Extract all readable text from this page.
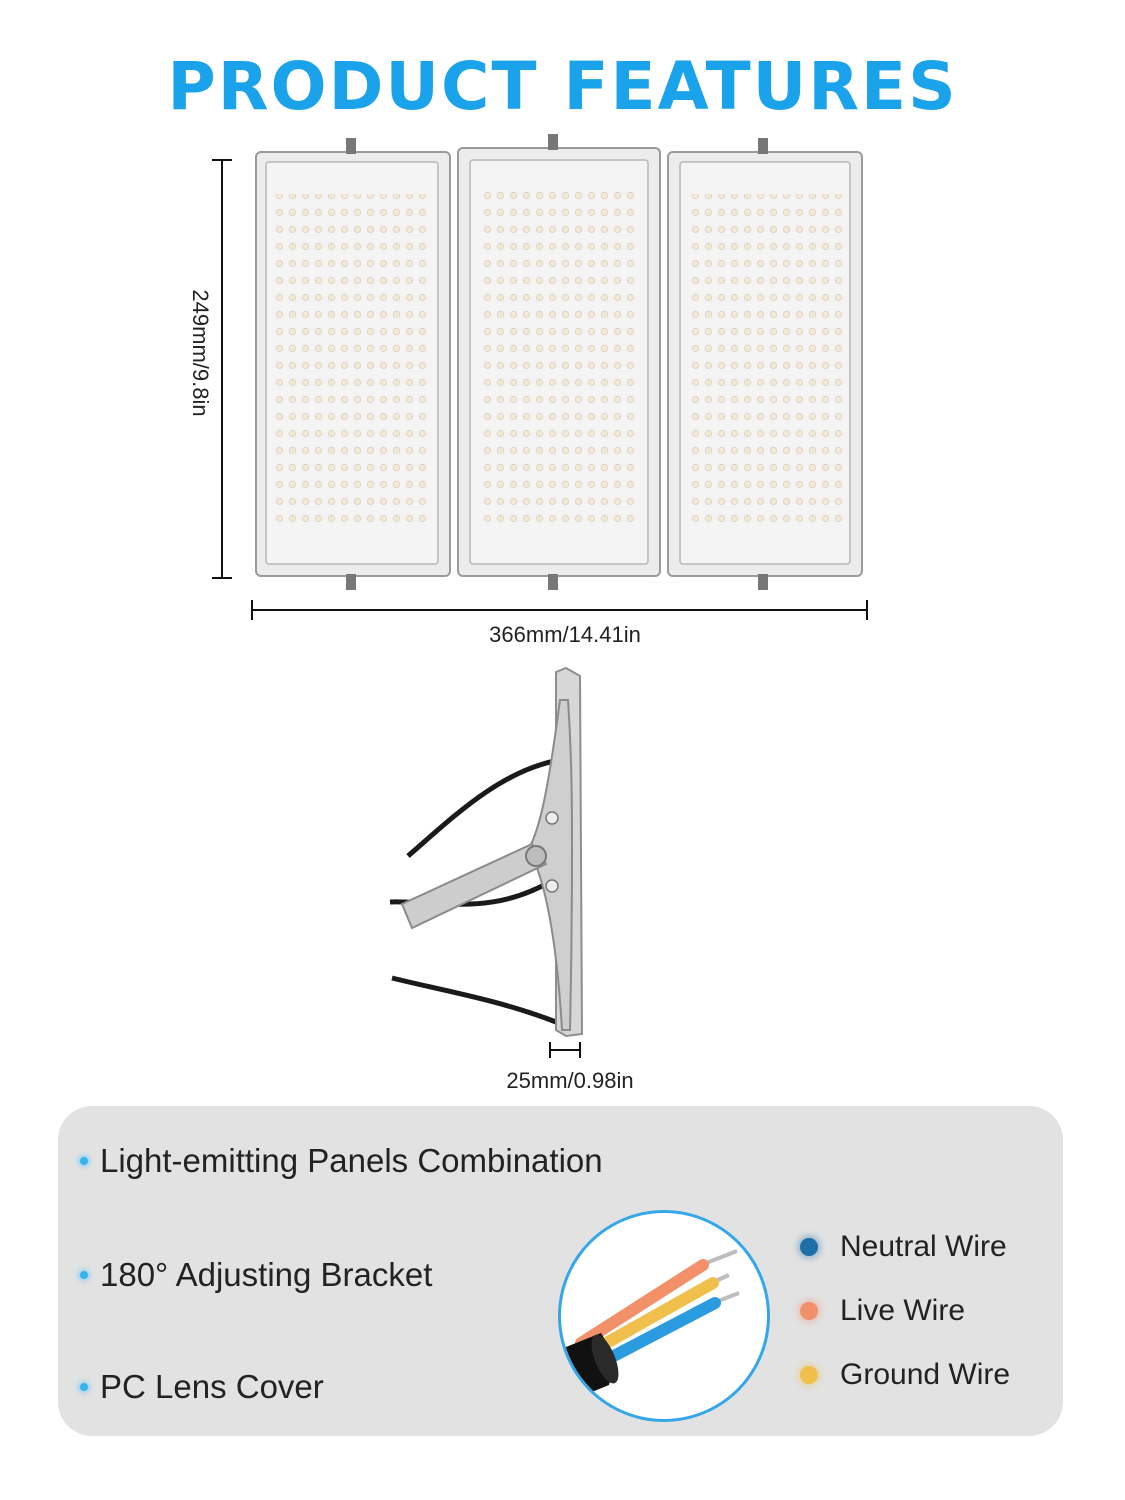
PRODUCT FEATURES
249mm/9.8in
366mm/14.41in
25mm/0.98in
Light-emitting Panels Combination
180° Adjusting Bracket
PC Lens Cover
Neutral Wire
Live Wire
Ground Wire
